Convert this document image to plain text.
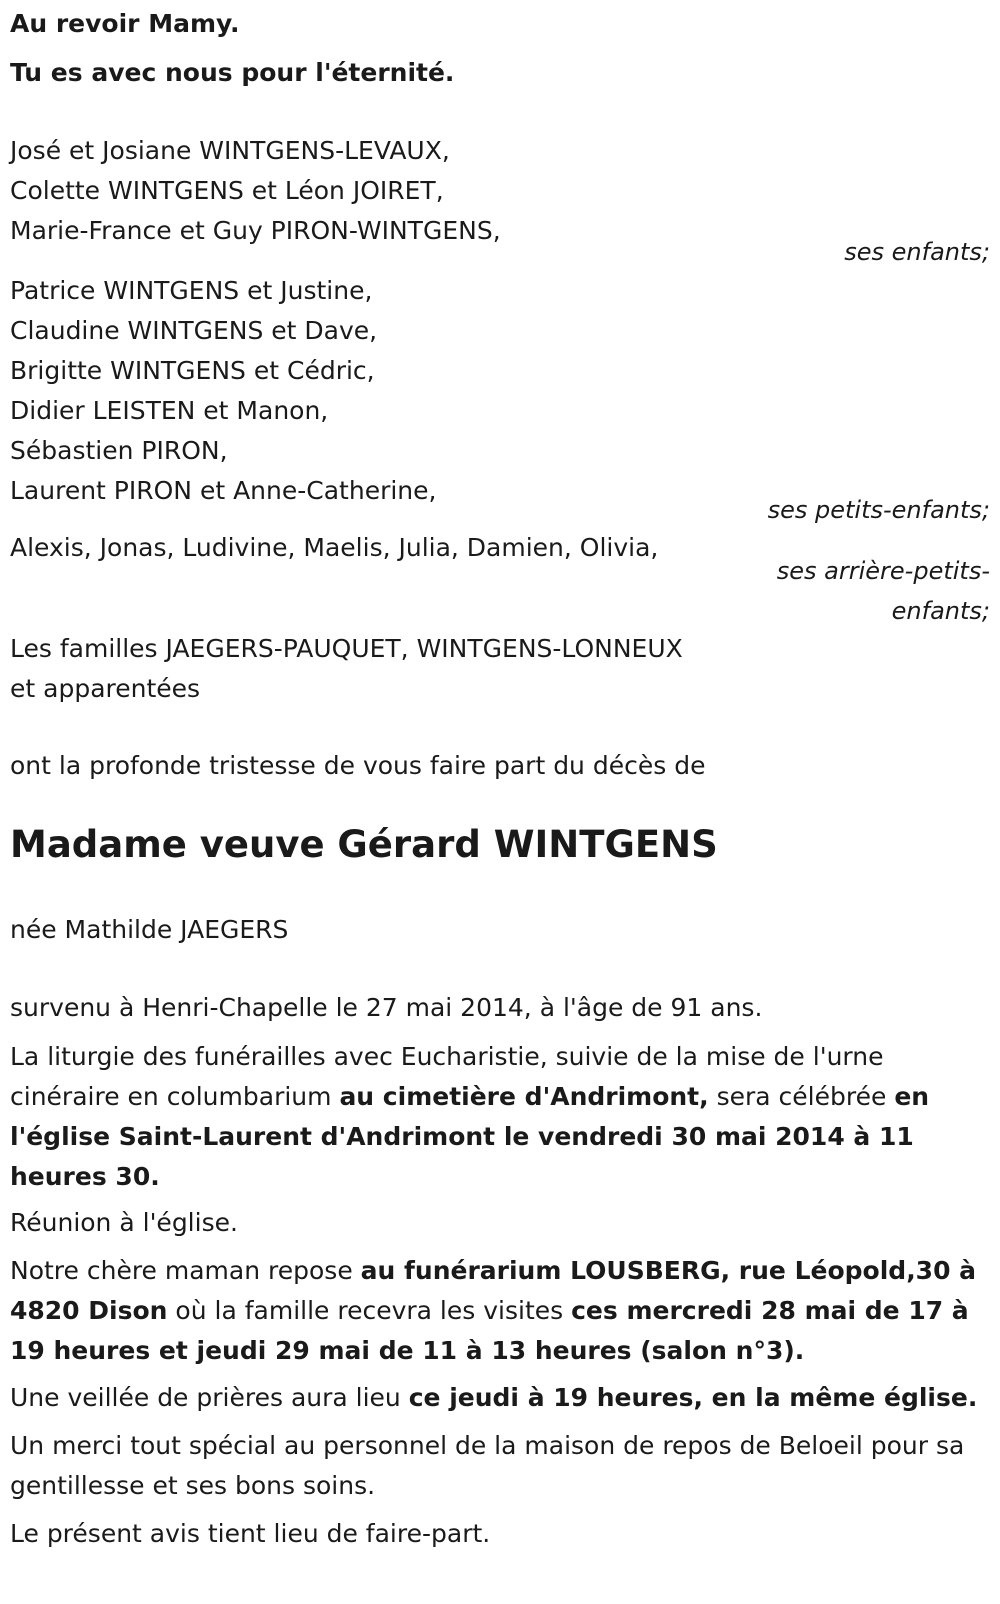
Au revoir Mamy.
Tu es avec nous pour l'éternité.
José et Josiane WINTGENS-LEVAUX,
Colette WINTGENS et Léon JOIRET,
Marie-France et Guy PIRON-WINTGENS,
ses enfants;
Patrice WINTGENS et Justine,
Claudine WINTGENS et Dave,
Brigitte WINTGENS et Cédric,
Didier LEISTEN et Manon,
Sébastien PIRON,
Laurent PIRON et Anne-Catherine,
ses petits-enfants;
Alexis, Jonas, Ludivine, Maelis, Julia, Damien, Olivia,
ses arrière-petits-
enfants;
Les familles JAEGERS-PAUQUET, WINTGENS-LONNEUX
et apparentées
ont la profonde tristesse de vous faire part du décès de
Madame veuve Gérard WINTGENS
née Mathilde JAEGERS
survenu à Henri-Chapelle le 27 mai 2014, à l'âge de 91 ans.
La liturgie des funérailles avec Eucharistie, suivie de la mise de l'urne cinéraire en columbarium au cimetière d'Andrimont, sera célébrée en l'église Saint-Laurent d'Andrimont le vendredi 30 mai 2014 à 11 heures 30.
Réunion à l'église.
Notre chère maman repose au funérarium LOUSBERG, rue Léopold,30 à 4820 Dison où la famille recevra les visites ces mercredi 28 mai de 17 à 19 heures et jeudi 29 mai de 11 à 13 heures (salon n°3).
Une veillée de prières aura lieu ce jeudi à 19 heures, en la même église.
Un merci tout spécial au personnel de la maison de repos de Beloeil pour sa gentillesse et ses bons soins.
Le présent avis tient lieu de faire-part.
